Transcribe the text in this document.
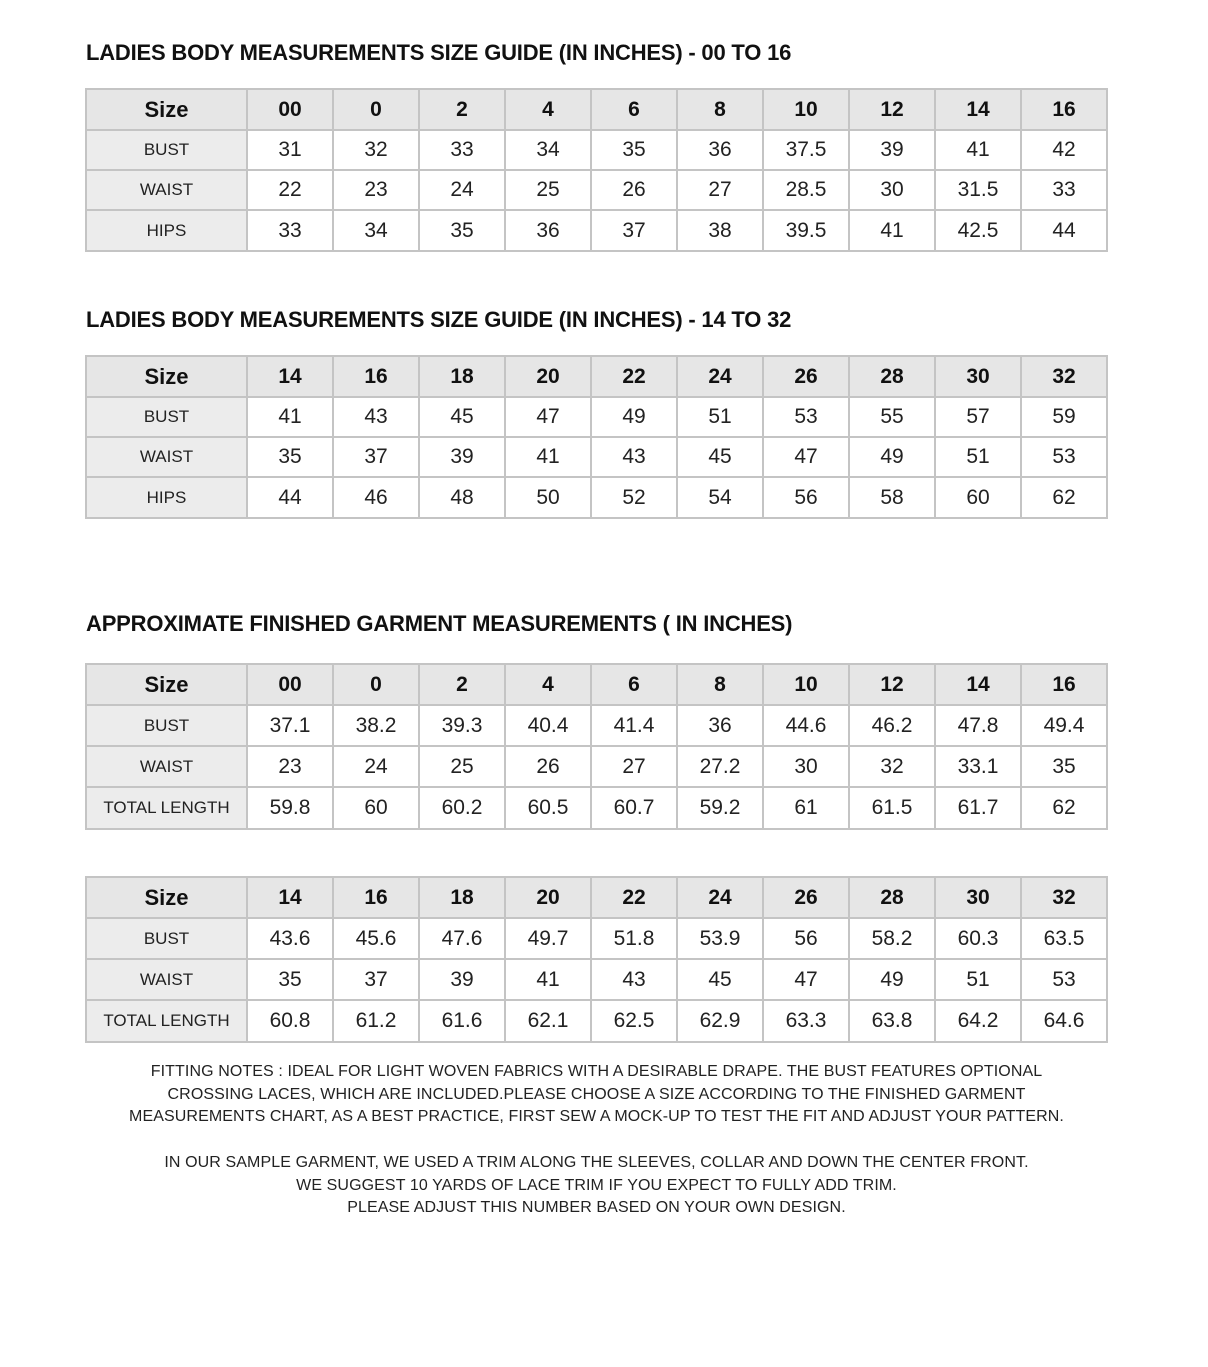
LADIES BODY MEASUREMENTS SIZE GUIDE (IN INCHES) - 00 TO 16
Size	00	0	2	4	6	8	10	12	14	16
BUST	31	32	33	34	35	36	37.5	39	41	42
WAIST	22	23	24	25	26	27	28.5	30	31.5	33
HIPS	33	34	35	36	37	38	39.5	41	42.5	44
LADIES BODY MEASUREMENTS SIZE GUIDE (IN INCHES) - 14 TO 32
Size	14	16	18	20	22	24	26	28	30	32
BUST	41	43	45	47	49	51	53	55	57	59
WAIST	35	37	39	41	43	45	47	49	51	53
HIPS	44	46	48	50	52	54	56	58	60	62
APPROXIMATE FINISHED GARMENT MEASUREMENTS ( IN INCHES)
Size	00	0	2	4	6	8	10	12	14	16
BUST	37.1	38.2	39.3	40.4	41.4	36	44.6	46.2	47.8	49.4
WAIST	23	24	25	26	27	27.2	30	32	33.1	35
TOTAL LENGTH	59.8	60	60.2	60.5	60.7	59.2	61	61.5	61.7	62
Size	14	16	18	20	22	24	26	28	30	32
BUST	43.6	45.6	47.6	49.7	51.8	53.9	56	58.2	60.3	63.5
WAIST	35	37	39	41	43	45	47	49	51	53
TOTAL LENGTH	60.8	61.2	61.6	62.1	62.5	62.9	63.3	63.8	64.2	64.6

FITTING NOTES : IDEAL FOR LIGHT WOVEN FABRICS WITH A DESIRABLE DRAPE. THE BUST FEATURES OPTIONAL

CROSSING LACES, WHICH ARE INCLUDED.PLEASE CHOOSE A SIZE ACCORDING TO THE FINISHED GARMENT

MEASUREMENTS CHART, AS A BEST PRACTICE, FIRST SEW A MOCK-UP TO TEST THE FIT AND ADJUST YOUR PATTERN.

IN OUR SAMPLE GARMENT, WE USED A TRIM ALONG THE SLEEVES, COLLAR AND DOWN THE CENTER FRONT.

WE SUGGEST 10 YARDS OF LACE TRIM IF YOU EXPECT TO FULLY ADD TRIM.

PLEASE ADJUST THIS NUMBER BASED ON YOUR OWN DESIGN.
